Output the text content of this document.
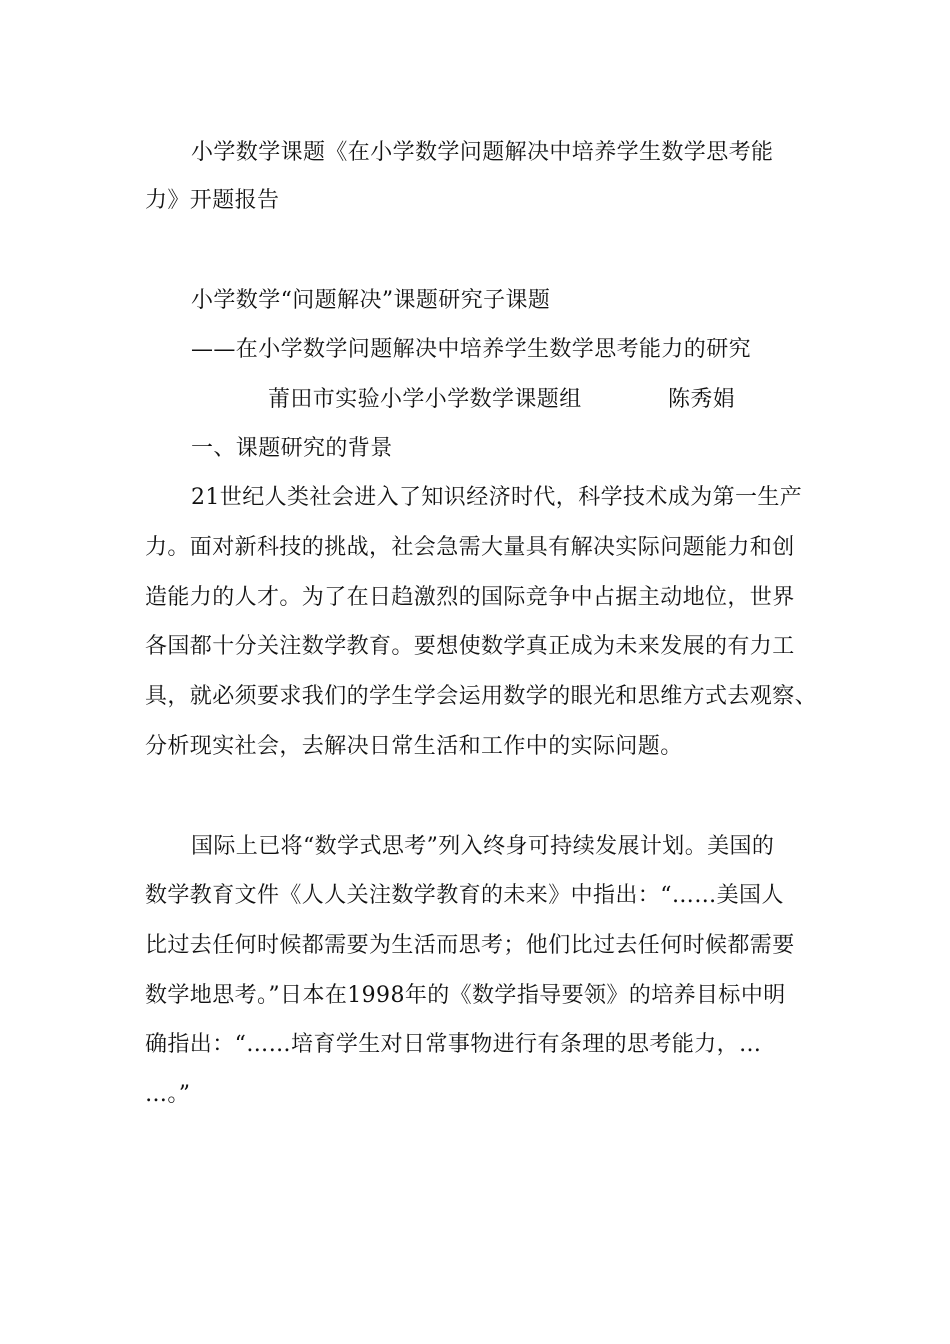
小学数学课题《在小学数学问题解决中培养学生数学思考能
力》开题报告
小学数学“问题解决”课题研究子课题
——在小学数学问题解决中培养学生数学思考能力的研究
莆田市实验小学小学数学课题组	陈秀娟
一、课题研究的背景
21世纪人类社会进入了知识经济时代，科学技术成为第一生产
力。面对新科技的挑战，社会急需大量具有解决实际问题能力和创
造能力的人才。为了在日趋激烈的国际竞争中占据主动地位，世界
各国都十分关注数学教育。要想使数学真正成为未来发展的有力工
具，就必须要求我们的学生学会运用数学的眼光和思维方式去观察、
分析现实社会，去解决日常生活和工作中的实际问题。
国际上已将“数学式思考”列入终身可持续发展计划。美国的
数学教育文件《人人关注数学教育的未来》中指出：“……美国人
比过去任何时候都需要为生活而思考；他们比过去任何时候都需要
数学地思考。”日本在1998年的《数学指导要领》的培养目标中明
确指出：“……培育学生对日常事物进行有条理的思考能力，…
…。”
